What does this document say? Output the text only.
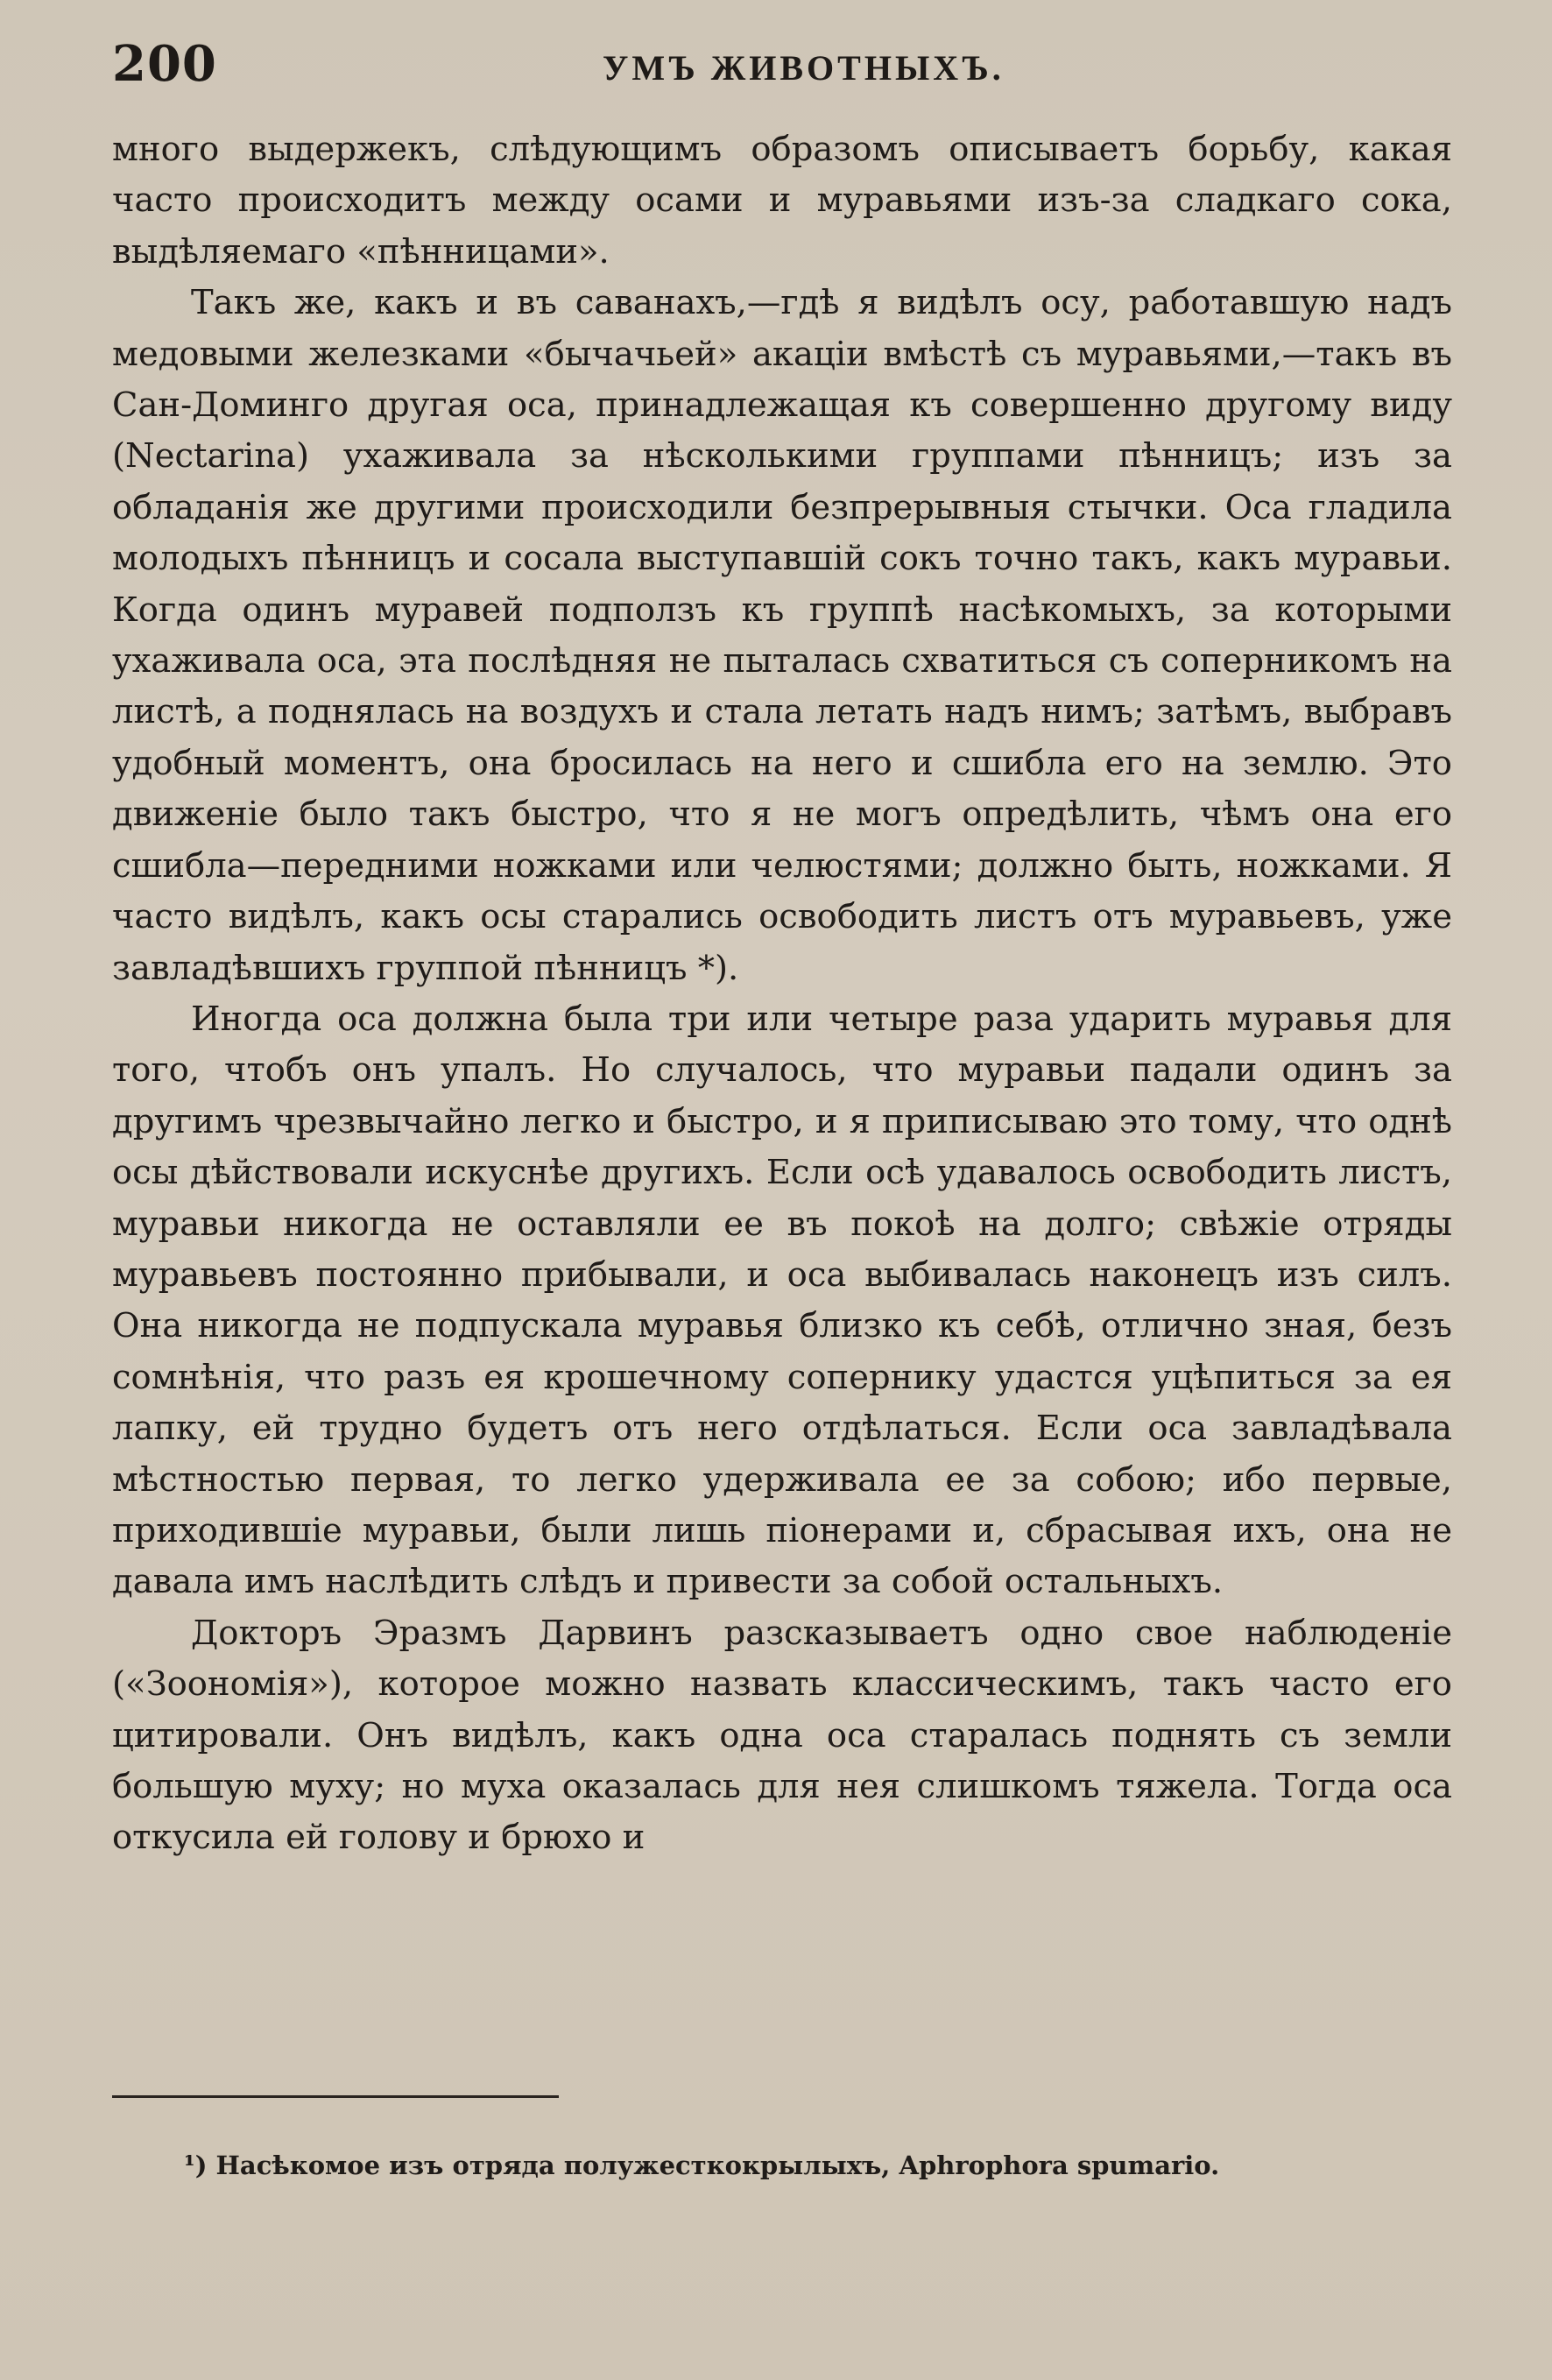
200	УМЪ ЖИВОТНЫХЪ.

много выдержекъ, слѣдующимъ образомъ описываетъ борьбу, какая часто происходитъ между осами и муравьями изъ-за сладкаго сока, выдѣляемаго «пѣнницами».

Такъ же, какъ и въ саванахъ,—гдѣ я видѣлъ осу, работавшую надъ медовыми железками «бычачьей» акаціи вмѣстѣ съ муравьями,—такъ въ Сан-Доминго другая оса, принадлежащая къ совершенно другому виду (Nectarina) ухаживала за нѣсколькими группами пѣнницъ; изъ за обладанія же другими происходили безпрерывныя стычки. Оса гладила молодыхъ пѣнницъ и сосала выступавшій сокъ точно такъ, какъ муравьи. Когда одинъ муравей подползъ къ группѣ насѣкомыхъ, за которыми ухаживала оса, эта послѣдняя не пыталась схватиться съ соперникомъ на листѣ, а поднялась на воздухъ и стала летать надъ нимъ; затѣмъ, выбравъ удобный моментъ, она бросилась на него и сшибла его на землю. Это движеніе было такъ быстро, что я не могъ опредѣлить, чѣмъ она его сшибла—передними ножками или челюстями; должно быть, ножками. Я часто видѣлъ, какъ осы старались освободить листъ отъ муравьевъ, уже завладѣвшихъ группой пѣнницъ *).

Иногда оса должна была три или четыре раза ударить муравья для того, чтобъ онъ упалъ. Но случалось, что муравьи падали одинъ за другимъ чрезвычайно легко и быстро, и я приписываю это тому, что однѣ осы дѣйствовали искуснѣе другихъ. Если осѣ удавалось освободить листъ, муравьи никогда не оставляли ее въ покоѣ на долго; свѣжіе отряды муравьевъ постоянно прибывали, и оса выбивалась наконецъ изъ силъ. Она никогда не подпускала муравья близко къ себѣ, отлично зная, безъ сомнѣнія, что разъ ея крошечному сопернику удастся уцѣпиться за ея лапку, ей трудно будетъ отъ него отдѣлаться. Если оса завладѣвала мѣстностью первая, то легко удерживала ее за собою; ибо первые, приходившіе муравьи, были лишь піонерами и, сбрасывая ихъ, она не давала имъ наслѣдить слѣдъ и привести за собой остальныхъ.

Докторъ Эразмъ Дарвинъ разсказываетъ одно свое наблюденіе («Зоономія»), которое можно назвать классическимъ, такъ часто его цитировали. Онъ видѣлъ, какъ одна оса старалась поднять съ земли большую муху; но муха оказалась для нея слишкомъ тяжела. Тогда оса откусила ей голову и брюхо и

¹) Насѣкомое изъ отряда полужесткокрылыхъ, Aphrophora spumario.
